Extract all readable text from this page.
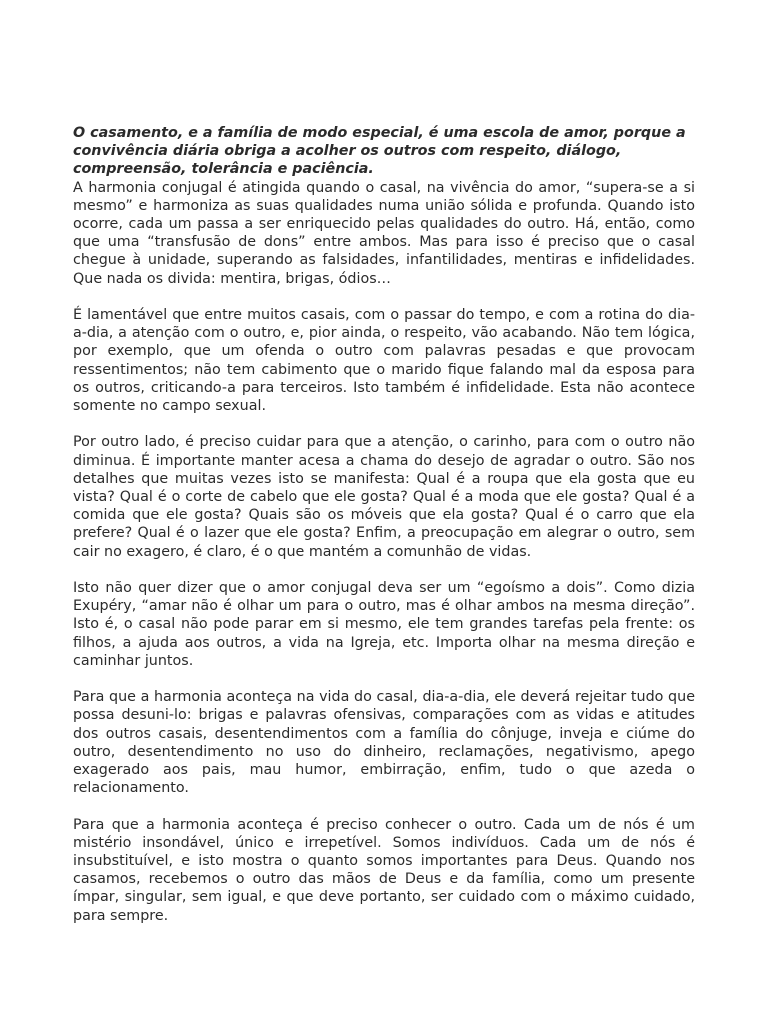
O casamento, e a família de modo especial, é uma escola de amor, porque a convivência diária obriga a acolher os outros com respeito, diálogo, compreensão, tolerância e paciência.

A harmonia conjugal é atingida quando o casal, na vivência do amor, “supera-se a si mesmo” e harmoniza as suas qualidades numa união sólida e profunda. Quando isto ocorre, cada um passa a ser enriquecido pelas qualidades do outro. Há, então, como que uma “transfusão de dons” entre ambos. Mas para isso é preciso que o casal chegue à unidade, superando as falsidades, infantilidades, mentiras e infidelidades. Que nada os divida: mentira, brigas, ódios…

É lamentável que entre muitos casais, com o passar do tempo, e com a rotina do dia-a-dia, a atenção com o outro, e, pior ainda, o respeito, vão acabando. Não tem lógica, por exemplo, que um ofenda o outro com palavras pesadas e que provocam ressentimentos; não tem cabimento que o marido fique falando mal da esposa para os outros, criticando-a para terceiros. Isto também é infidelidade. Esta não acontece somente no campo sexual.

Por outro lado, é preciso cuidar para que a atenção, o carinho, para com o outro não diminua. É importante manter acesa a chama do desejo de agradar o outro. São nos detalhes que muitas vezes isto se manifesta: Qual é a roupa que ela gosta que eu vista? Qual é o corte de cabelo que ele gosta? Qual é a moda que ele gosta? Qual é a comida que ele gosta? Quais são os móveis que ela gosta? Qual é o carro que ela prefere? Qual é o lazer que ele gosta? Enfim, a preocupação em alegrar o outro, sem cair no exagero, é claro, é o que mantém a comunhão de vidas.

Isto não quer dizer que o amor conjugal deva ser um “egoísmo a dois”. Como dizia Exupéry, “amar não é olhar um para o outro, mas é olhar ambos na mesma direção”. Isto é, o casal não pode parar em si mesmo, ele tem grandes tarefas pela frente: os filhos, a ajuda aos outros, a vida na Igreja, etc. Importa olhar na mesma direção e caminhar juntos.

Para que a harmonia aconteça na vida do casal, dia-a-dia, ele deverá rejeitar tudo que possa desuni-lo: brigas e palavras ofensivas, comparações com as vidas e atitudes dos outros casais, desentendimentos com a família do cônjuge, inveja e ciúme do outro, desentendimento no uso do dinheiro, reclamações, negativismo, apego exagerado aos pais, mau humor, embirração, enfim, tudo o que azeda o relacionamento.

Para que a harmonia aconteça é preciso conhecer o outro. Cada um de nós é um mistério insondável, único e irrepetível. Somos indivíduos. Cada um de nós é insubstituível, e isto mostra o quanto somos importantes para Deus. Quando nos casamos, recebemos o outro das mãos de Deus e da família, como um presente ímpar, singular, sem igual, e que deve portanto, ser cuidado com o máximo cuidado, para sempre.
